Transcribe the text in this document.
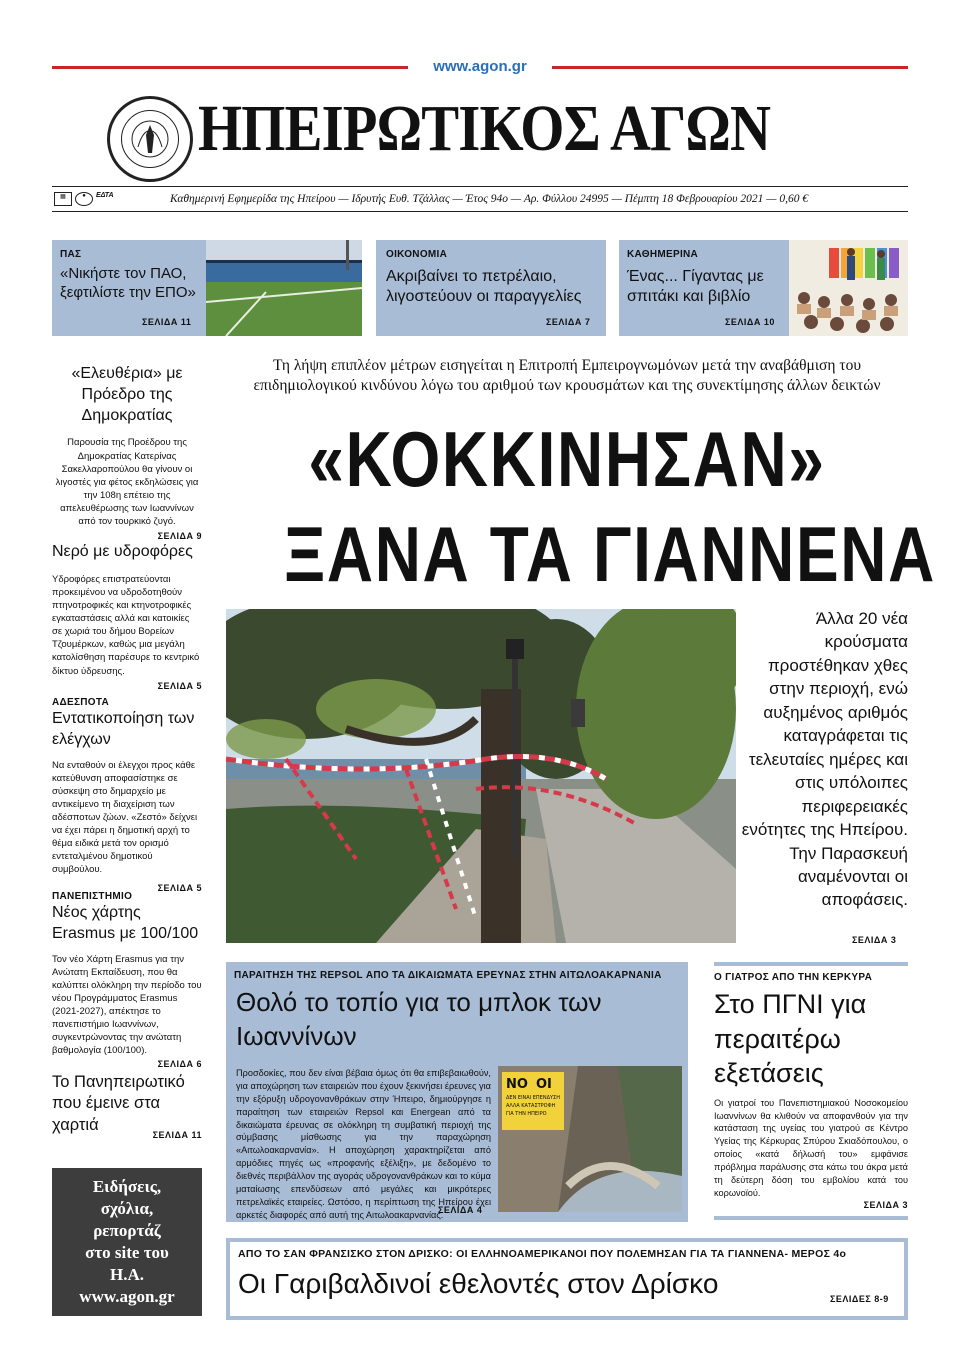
www.agon.gr
ΗΠΕΙΡΩΤΙΚΟΣ ΑΓΩΝ
▦	●	ΕΔΤΑ	Καθημερινή Εφημερίδα της Ηπείρου — Ιδρυτής Ευθ. Τζάλλας — Έτος 94ο — Αρ. Φύλλου 24995 — Πέμπτη 18 Φεβρουαρίου 2021 — 0,60 €
ΠΑΣ
«Νικήστε τον ΠΑΟ, ξεφτιλίστε την ΕΠΟ»
ΣΕΛΙΔΑ 11
ΟΙΚΟΝΟΜΙΑ
Ακριβαίνει το πετρέλαιο, λιγοστεύουν οι παραγγελίες
ΣΕΛΙΔΑ 7
ΚΑΘΗΜΕΡΙΝΑ
Ένας... Γίγαντας με σπιτάκι και βιβλίο
ΣΕΛΙΔΑ 10
«Ελευθέρια» με Πρόεδρο της Δημοκρατίας
Παρουσία της Προέδρου της Δημοκρατίας Κατερίνας Σακελλαροπούλου θα γίνουν οι λιγοστές για φέτος εκδηλώσεις για την 108η επέτειο της απελευθέρωσης των Ιωαννίνων από τον τουρκικό ζυγό.
ΣΕΛΙΔΑ 9
Νερό με υδροφόρες
Υδροφόρες επιστρατεύονται προκειμένου να υδροδοτηθούν πτηνοτροφικές και κτηνοτροφικές εγκαταστάσεις αλλά και κατοικίες σε χωριά του δήμου Βορείων Τζουμέρκων, καθώς μια μεγάλη κατολίσθηση παρέσυρε το κεντρικό δίκτυο ύδρευσης.
ΣΕΛΙΔΑ 5
ΑΔΕΣΠΟΤΑ
Εντατικοποίηση των ελέγχων
Να ενταθούν οι έλεγχοι προς κάθε κατεύθυνση αποφασίστηκε σε σύσκεψη στο δημαρχείο με αντικείμενο τη διαχείριση των αδέσποτων ζώων. «Ζεστό» δείχνει να έχει πάρει η δημοτική αρχή το θέμα ειδικά μετά τον ορισμό εντεταλμένου δημοτικού συμβούλου.
ΣΕΛΙΔΑ 5
ΠΑΝΕΠΙΣΤΗΜΙΟ
Νέος χάρτης Erasmus με 100/100
Τον νέο Χάρτη Erasmus για την Ανώτατη Εκπαίδευση, που θα καλύπτει ολόκληρη την περίοδο του νέου Προγράμματος Erasmus (2021-2027), απέκτησε το πανεπιστήμιο Ιωαννίνων, συγκεντρώνοντας την ανώτατη βαθμολογία (100/100).
ΣΕΛΙΔΑ 6
Το Πανηπειρωτικό που έμεινε στα χαρτιά
ΣΕΛΙΔΑ 11
Ειδήσεις,
σχόλια,
ρεπορτάζ
στο site του
Η.Α.
www.agon.gr
Τη λήψη επιπλέον μέτρων εισηγείται η Επιτροπή Εμπειρογνωμόνων μετά την αναβάθμιση του επιδημιολογικού κινδύνου λόγω του αριθμού των κρουσμάτων και της συνεκτίμησης άλλων δεικτών
«ΚΟΚΚΙΝΗΣΑΝ»
ΞΑΝΑ ΤΑ ΓΙΑΝΝΕΝΑ
Άλλα 20 νέα κρούσματα προστέθηκαν χθες στην περιοχή, ενώ αυξημένος αριθμός καταγράφεται τις τελευταίες ημέρες και στις υπόλοιπες περιφερειακές ενότητες της Ηπείρου. Την Παρασκευή αναμένονται οι αποφάσεις.
ΣΕΛΙΔΑ 3
ΠΑΡΑΙΤΗΣΗ ΤΗΣ REPSOL ΑΠΟ ΤΑ ΔΙΚΑΙΩΜΑΤΑ ΕΡΕΥΝΑΣ ΣΤΗΝ ΑΙΤΩΛΟΑΚΑΡΝΑΝΙΑ
Θολό το τοπίο για το μπλοκ των Ιωαννίνων
Προσδοκίες, που δεν είναι βέβαια όμως ότι θα επιβεβαιωθούν, για αποχώρηση των εταιρειών που έχουν ξεκινήσει έρευνες για την εξόρυξη υδρογονανθράκων στην Ήπειρο, δημιούργησε η παραίτηση των εταιρειών Repsol και Energean από τα δικαιώματα έρευνας σε ολόκληρη τη συμβατική περιοχή της σύμβασης μίσθωσης για την παραχώρηση «Αιτωλοακαρνανία». Η αποχώρηση χαρακτηρίζεται από αρμόδιες πηγές ως «προφανής εξέλιξη», με δεδομένο το διεθνές περιβάλλον της αγοράς υδρογονανθράκων και το κύμα ματαίωσης επενδύσεων από μεγάλες και μικρότερες πετρελαϊκές εταιρείες. Ωστόσο, η περίπτωση της Ηπείρου έχει αρκετές διαφορές από αυτή της Αιτωλοακαρνανίας.
ΣΕΛΙΔΑ 4
NO OI
ΔΕΝ ΕΙΝΑΙ ΕΠΕΝΔΥΣΗ
ΑΛΛΑ ΚΑΤΑΣΤΡΟΦΗ
ΓΙΑ ΤΗΝ ΗΠΕΙΡΟ
Ο ΓΙΑΤΡΟΣ ΑΠΟ ΤΗΝ ΚΕΡΚΥΡΑ
Στο ΠΓΝΙ για περαιτέρω εξετάσεις
Οι γιατροί του Πανεπιστημιακού Νοσοκομείου Ιωαννίνων θα κλιθούν να αποφανθούν για την κατάσταση της υγείας του γιατρού σε Κέντρο Υγείας της Κέρκυρας Σπύρου Σκιαδόπουλου, ο οποίος «κατά δήλωσή του» εμφάνισε πρόβλημα παράλυσης στα κάτω του άκρα μετά τη δεύτερη δόση του εμβολίου κατά του κορωνοϊού.
ΣΕΛΙΔΑ 3
ΑΠΟ ΤΟ ΣΑΝ ΦΡΑΝΣΙΣΚΟ ΣΤΟΝ ΔΡΙΣΚΟ: ΟΙ ΕΛΛΗΝΟΑΜΕΡΙΚΑΝΟΙ ΠΟΥ ΠΟΛΕΜΗΣΑΝ ΓΙΑ ΤΑ ΓΙΑΝΝΕΝΑ- ΜΕΡΟΣ 4ο
Οι Γαριβαλδινοί εθελοντές στον Δρίσκο	ΣΕΛΙΔΕΣ 8-9
